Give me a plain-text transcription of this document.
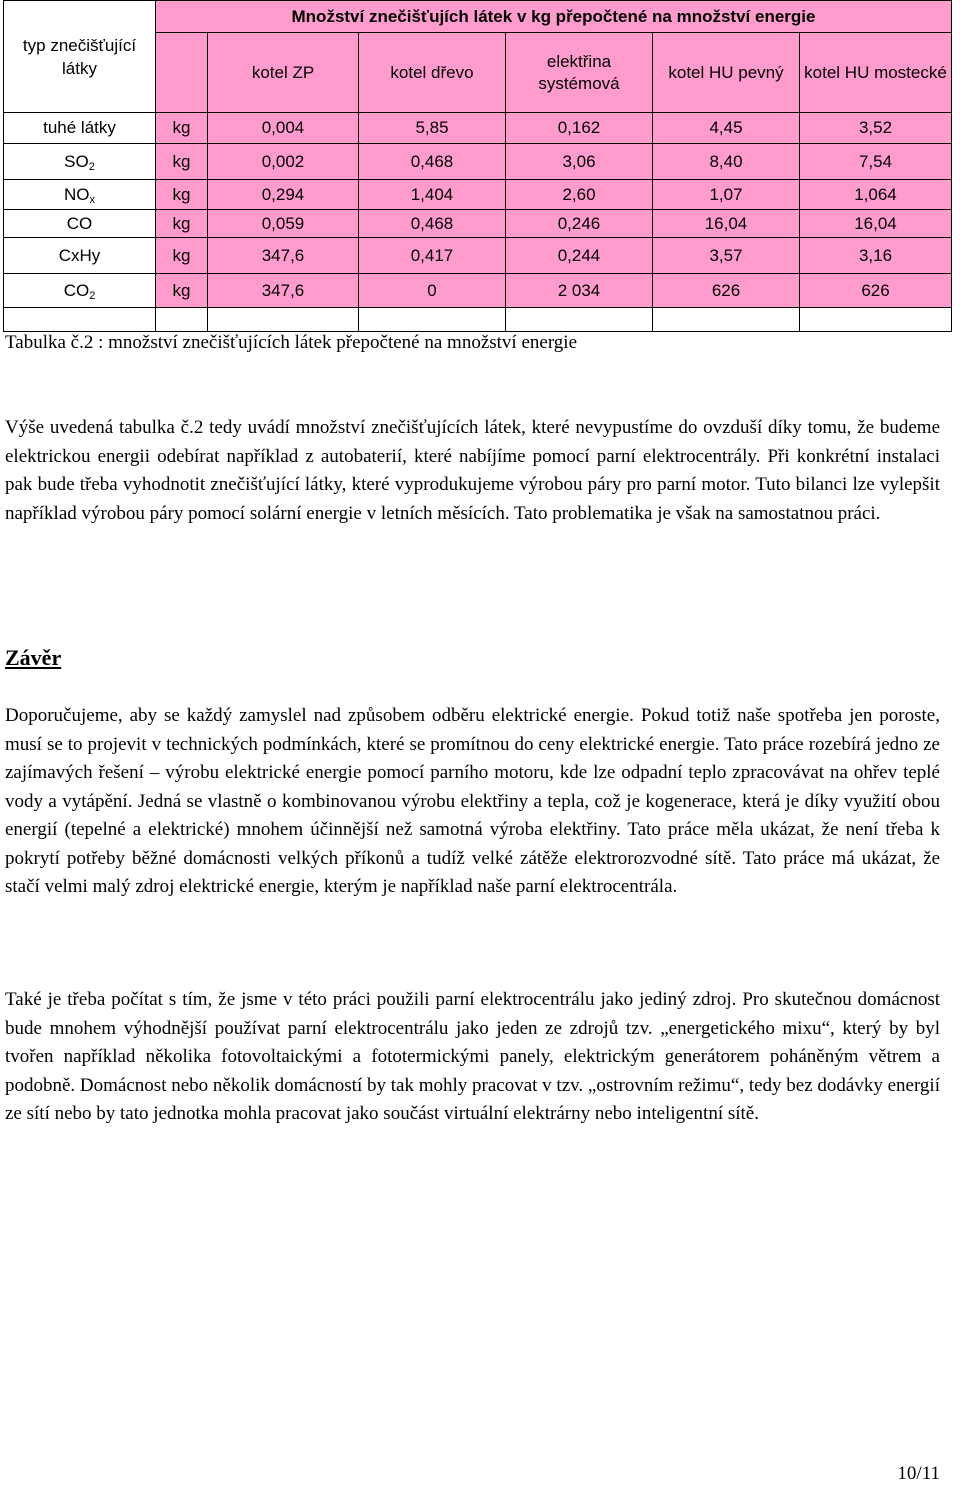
typ znečišťující látky	Množství znečišťujích látek v kg přepočtené na množství energie					
		kotel ZP	kotel dřevo	elektřina systémová	kotel HU pevný	kotel HU mostecké
tuhé látky	kg	0,004	5,85	0,162	4,45	3,52
$SO_2$	kg	0,002	0,468	3,06	8,40	7,54
$NO_x$	kg	0,294	1,404	2,60	1,07	1,064
CO	kg	0,059	0,468	0,246	16,04	16,04
CxHy	kg	347,6	0,417	0,244	3,57	3,16
$CO_2$	kg	347,6	0	2 034	626	626

Tabulka č.2 : množství znečišťujících látek přepočtené na množství energie

Výše uvedená tabulka č.2 tedy uvádí množství znečišťujících látek, které nevypustíme do ovzduší díky tomu, že budeme elektrickou energii odebírat například z autobaterií, které nabíjíme pomocí parní elektrocentrály. Při konkrétní instalaci pak bude třeba vyhodnotit znečišťující látky, které vyprodukujeme výrobou páry pro parní motor. Tuto bilanci lze vylepšit například výrobou páry pomocí solární energie v letních měsících. Tato problematika je však na samostatnou práci.

Závěr

Doporučujeme, aby se každý zamyslel nad způsobem odběru elektrické energie. Pokud totiž naše spotřeba jen poroste, musí se to projevit v technických podmínkách, které se promítnou do ceny elektrické energie. Tato práce rozebírá jedno ze zajímavých řešení – výrobu elektrické energie pomocí parního motoru, kde lze odpadní teplo zpracovávat na ohřev teplé vody a vytápění. Jedná se vlastně o kombinovanou výrobu elektřiny a tepla, což je kogenerace, která je díky využití obou energií (tepelné a elektrické) mnohem účinnější než samotná výroba elektřiny. Tato práce měla ukázat, že není třeba k pokrytí potřeby běžné domácnosti velkých příkonů a tudíž velké zátěže elektrorozvodné sítě. Tato práce má ukázat, že stačí velmi malý zdroj elektrické energie, kterým je například naše parní elektrocentrála.

Také je třeba počítat s tím, že jsme v této práci použili parní elektrocentrálu jako jediný zdroj. Pro skutečnou domácnost bude mnohem výhodnější používat parní elektrocentrálu jako jeden ze zdrojů tzv. „energetického mixu“, který by byl tvořen například několika fotovoltaickými a fototermickými panely, elektrickým generátorem poháněným větrem a podobně. Domácnost nebo několik domácností by tak mohly pracovat v tzv. „ostrovním režimu“, tedy bez dodávky energií ze sítí nebo by tato jednotka mohla pracovat jako součást virtuální elektrárny nebo inteligentní sítě.

10/11
